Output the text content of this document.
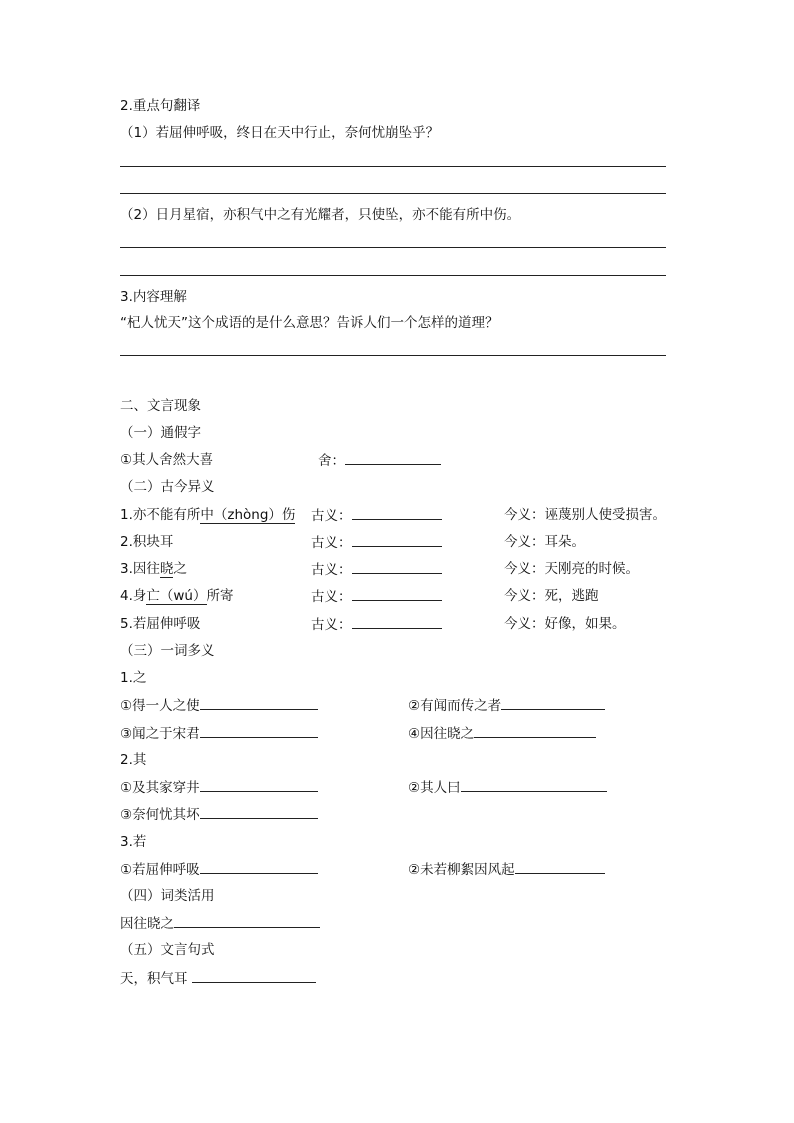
2.重点句翻译
（1）若屈伸呼吸，终日在天中行止，奈何忧崩坠乎？
（2）日月星宿，亦积气中之有光耀者，只使坠，亦不能有所中伤。
3.内容理解
“杞人忧天”这个成语的是什么意思？告诉人们一个怎样的道理？
二、文言现象
（一）通假字
①其人舍然大喜	舍：
（二）古今异义
1.亦不能有所中（zhòng）伤 古义：	今义：诬蔑别人使受损害。
2.积块耳	古义：	今义：耳朵。
3.因往晓之	古义：	今义：天刚亮的时候。
4.身亡（wú）所寄	古义：	今义：死，逃跑
5.若屈伸呼吸	古义：	今义：好像，如果。
（三）一词多义
1.之
①得一人之使	②有闻而传之者
③闻之于宋君	④因往晓之
2.其
①及其家穿井	②其人曰
③奈何忧其坏
3.若
①若屈伸呼吸	②未若柳絮因风起
（四）词类活用
因往晓之
（五）文言句式
天，积气耳
